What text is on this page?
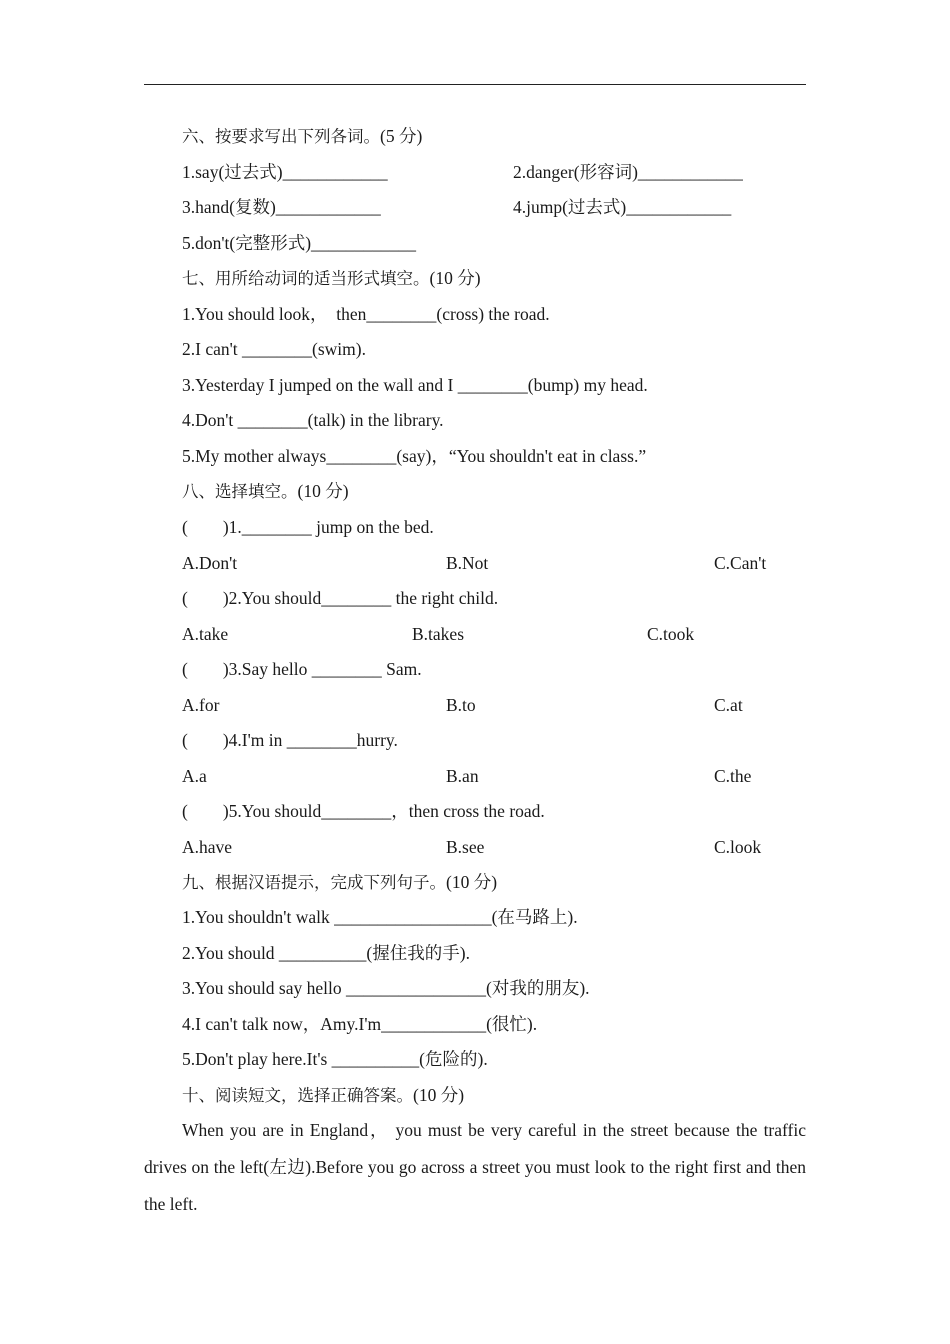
六、按要求写出下列各词。(5 分)
1.say(过去式)____________	2.danger(形容词)____________
3.hand(复数)____________	4.jump(过去式)____________
5.don't(完整形式)____________
七、用所给动词的适当形式填空。(10 分)
1.You should look，  then________(cross) the road.
2.I can't ________(swim).
3.Yesterday I jumped on the wall and I ________(bump) my head.
4.Don't ________(talk) in the library.
5.My mother always________(say)，“You shouldn't eat in class.”
八、选择填空。(10 分)
(        )1.________ jump on the bed.
A.Don't	B.Not	C.Can't
(        )2.You should________ the right child.
A.take	B.takes	C.took
(        )3.Say hello ________ Sam.
A.for	B.to	C.at
(        )4.I'm in ________hurry.
A.a	B.an	C.the
(        )5.You should________，then cross the road.
A.have	B.see	C.look
九、根据汉语提示，完成下列句子。(10 分)
1.You shouldn't walk __________________(在马路上).
2.You should __________(握住我的手).
3.You should say hello ________________(对我的朋友).
4.I can't talk now，Amy.I'm____________(很忙).
5.Don't play here.It's __________(危险的).
十、阅读短文，选择正确答案。(10 分)

When you are in England， you must be very careful in the street because the traffic drives on the left(左边).Before you go across a street you must look to the right first and then the left.
